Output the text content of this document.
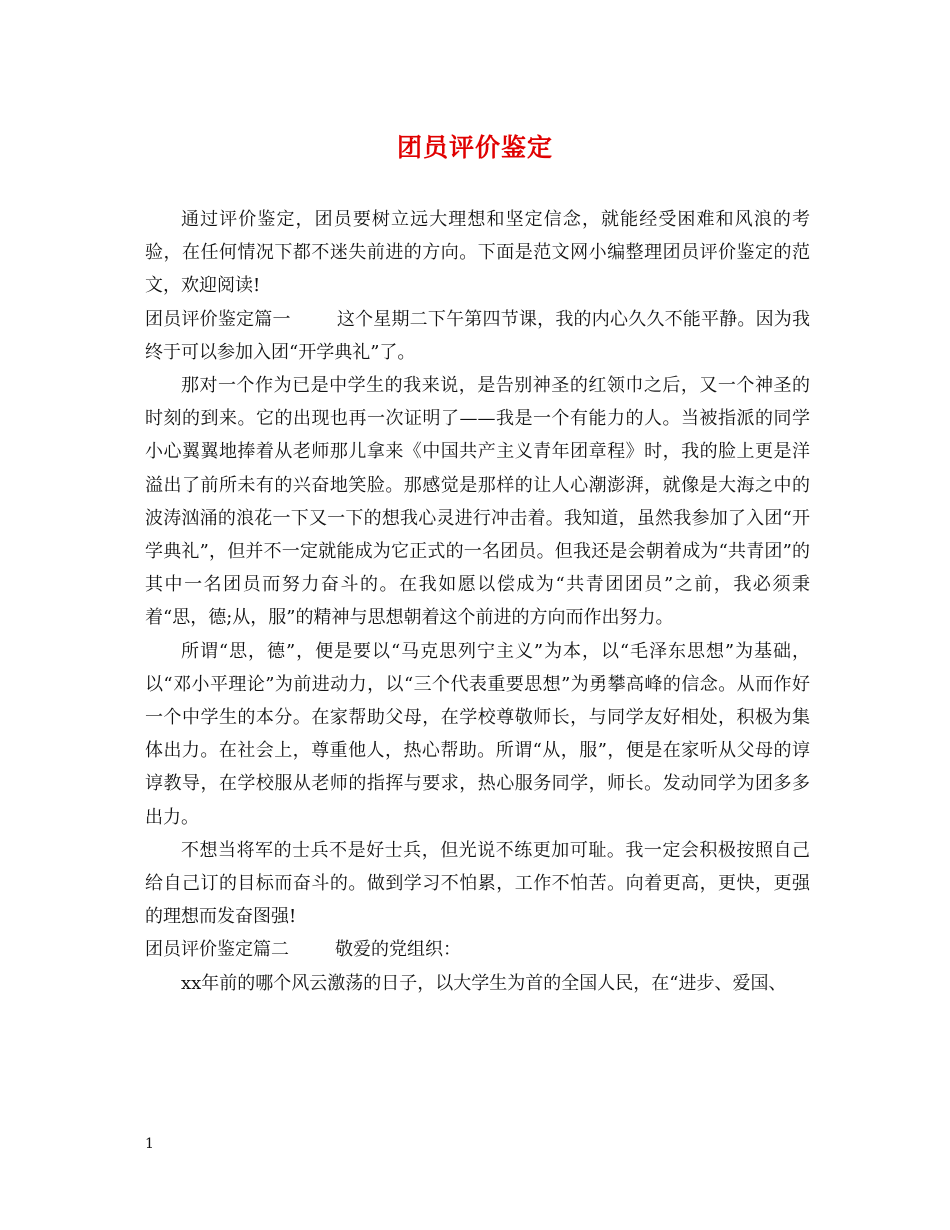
团员评价鉴定

通过评价鉴定，团员要树立远大理想和坚定信念，就能经受困难和风浪的考验，在任何情况下都不迷失前进的方向。下面是范文网小编整理团员评价鉴定的范文，欢迎阅读!

团员评价鉴定篇一	这个星期二下午第四节课，我的内心久久不能平静。因为我终于可以参加入团“开学典礼”了。

那对一个作为已是中学生的我来说，是告别神圣的红领巾之后，又一个神圣的时刻的到来。它的出现也再一次证明了——我是一个有能力的人。当被指派的同学小心翼翼地捧着从老师那儿拿来《中国共产主义青年团章程》时，我的脸上更是洋溢出了前所未有的兴奋地笑脸。那感觉是那样的让人心潮澎湃，就像是大海之中的波涛汹涌的浪花一下又一下的想我心灵进行冲击着。我知道，虽然我参加了入团“开学典礼”，但并不一定就能成为它正式的一名团员。但我还是会朝着成为“共青团”的其中一名团员而努力奋斗的。在我如愿以偿成为“共青团团员”之前，我必须秉着“思，德;从，服”的精神与思想朝着这个前进的方向而作出努力。

所谓“思，德”，便是要以“马克思列宁主义”为本，以“毛泽东思想”为基础，以“邓小平理论”为前进动力，以“三个代表重要思想”为勇攀高峰的信念。从而作好一个中学生的本分。在家帮助父母，在学校尊敬师长，与同学友好相处，积极为集体出力。在社会上，尊重他人，热心帮助。所谓“从，服”，便是在家听从父母的谆谆教导，在学校服从老师的指挥与要求，热心服务同学，师长。发动同学为团多多出力。

不想当将军的士兵不是好士兵，但光说不练更加可耻。我一定会积极按照自己给自己订的目标而奋斗的。做到学习不怕累，工作不怕苦。向着更高，更快，更强的理想而发奋图强!

团员评价鉴定篇二	敬爱的党组织：

xx年前的哪个风云激荡的日子，以大学生为首的全国人民，在“进步、爱国、

1
